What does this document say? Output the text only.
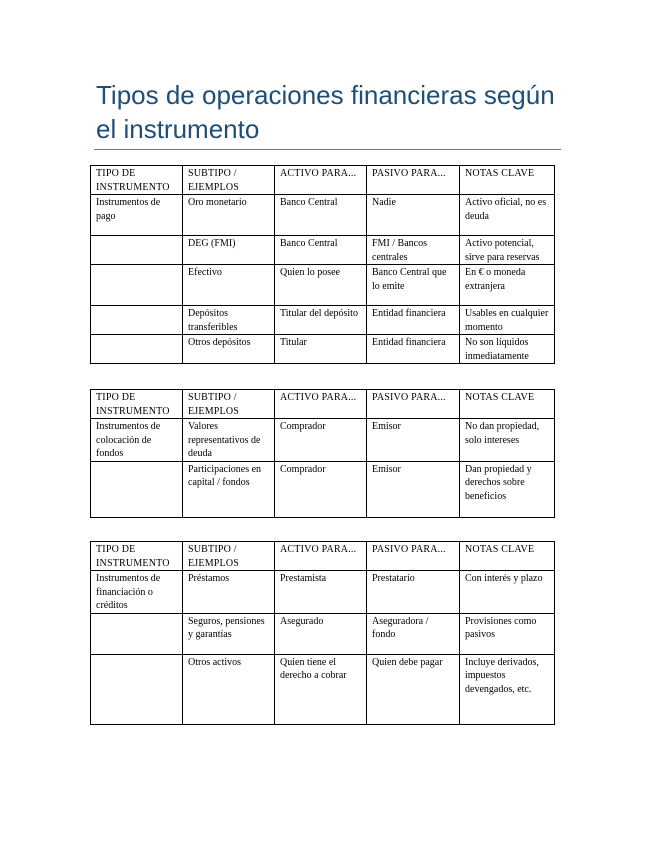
Tipos de operaciones financieras según el instrumento
TIPO DE INSTRUMENTO	SUBTIPO / EJEMPLOS	ACTIVO PARA...	PASIVO PARA...	NOTAS CLAVE
Instrumentos de pago	Oro monetario	Banco Central	Nadie	Activo oficial, no es deuda
	DEG (FMI)	Banco Central	FMI / Bancos centrales	Activo potencial, sirve para reservas
	Efectivo	Quien lo posee	Banco Central que lo emite	En € o moneda extranjera
	Depósitos transferibles	Titular del depósito	Entidad financiera	Usables en cualquier momento
	Otros depósitos	Titular	Entidad financiera	No son líquidos inmediatamente
TIPO DE INSTRUMENTO	SUBTIPO / EJEMPLOS	ACTIVO PARA...	PASIVO PARA...	NOTAS CLAVE
Instrumentos de colocación de fondos	Valores representativos de deuda	Comprador	Emisor	No dan propiedad, solo intereses
	Participaciones en capital / fondos	Comprador	Emisor	Dan propiedad y derechos sobre beneficios
TIPO DE INSTRUMENTO	SUBTIPO / EJEMPLOS	ACTIVO PARA...	PASIVO PARA...	NOTAS CLAVE
Instrumentos de financiación o créditos	Préstamos	Prestamista	Prestatario	Con interés y plazo
	Seguros, pensiones y garantías	Asegurado	Aseguradora / fondo	Provisiones como pasivos
	Otros activos	Quien tiene el derecho a cobrar	Quien debe pagar	Incluye derivados, impuestos devengados, etc.
